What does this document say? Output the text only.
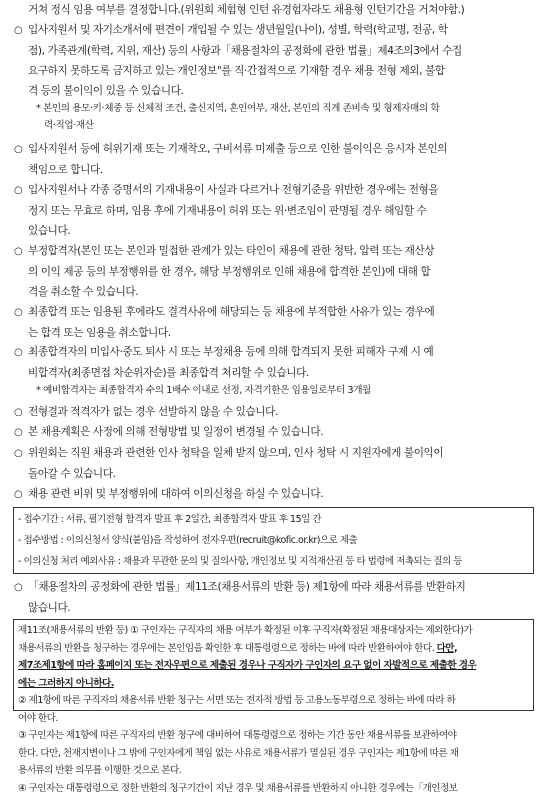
거쳐 정식 임용 여부를 결정합니다.(위원회 체험형 인턴 유경험자라도 채용형 인턴기간을 거쳐야함.)
○ 입사지원서 및 자기소개서에 편견이 개입될 수 있는 생년월일(나이), 성별, 학력(학교명, 전공, 학
점), 가족관계(학력, 지위, 재산) 등의 사항과「채용절차의 공정화에 관한 법률」제4조의3에서 수집
요구하지 못하도록 금지하고 있는 개인정보"를 직·간접적으로 기재할 경우 채용 전형 제외, 불합
격 등의 불이익이 있을 수 있습니다.
* 본인의 용모·키·체중 등 신체적 조건, 출신지역, 혼인여부, 재산, 본인의 직계 존비속 및 형제자매의 학
력·직업·재산
○ 입사지원서 등에 허위기재 또는 기재착오, 구비서류 미제출 등으로 인한 불이익은 응시자 본인의
책임으로 합니다.
○ 입사지원서나 각종 증명서의 기재내용이 사실과 다르거나 전형기준을 위반한 경우에는 전형을
정지 또는 무효로 하며, 임용 후에 기재내용이 허위 또는 위·변조임이 판명될 경우 해임할 수
있습니다.
○ 부정합격자(본인 또는 본인과 밀접한 관계가 있는 타인이 채용에 관한 청탁, 압력 또는 재산상
의 이익 제공 등의 부정행위를 한 경우, 해당 부정행위로 인해 채용에 합격한 본인)에 대해 합
격을 취소할 수 있습니다.
○ 최종합격 또는 임용된 후에라도 결격사유에 해당되는 등 채용에 부적합한 사유가 있는 경우에
는 합격 또는 임용을 취소합니다.
○ 최종합격자의 미입사·중도 퇴사 시 또는 부정채용 등에 의해 합격되지 못한 피해자 구제 시 예
비합격자(최종면접 차순위자순)를 최종합격 처리할 수 있습니다.
* 예비합격자는 최종합격자 수의 1배수 이내로 선정, 자격기한은 임용일로부터 3개월
○ 전형결과 적격자가 없는 경우 선발하지 않을 수 있습니다.
○ 본 채용계획은 사정에 의해 전형방법 및 일정이 변경될 수 있습니다.
○ 위원회는 직원 채용과 관련한 인사 청탁을 일체 받지 않으며, 인사 청탁 시 지원자에게 불이익이
돌아갈 수 있습니다.
○ 채용 관련 비위 및 부정행위에 대하여 이의신청을 하실 수 있습니다.
- 접수기간 : 서류, 필기전형 합격자 발표 후 2일간, 최종합격자 발표 후 15일 간
- 접수방법 : 이의신청서 양식(붙임)을 작성하여 전자우편(recruit@kofic.or.kr)으로 제출
- 이의신청 처리 예외사유 : 채용과 무관한 문의 및 질의사항, 개인정보 및 지적재산권 등 타 법령에 저촉되는 질의 등
○ 「채용절차의 공정화에 관한 법률」제11조(채용서류의 반환 등) 제1항에 따라 채용서류를 반환하지
않습니다.
제11조(채용서류의 반환 등) ① 구인자는 구직자의 채용 여부가 확정된 이후 구직자(확정된 채용대상자는 제외한다)가
채용서류의 반환을 청구하는 경우에는 본인임을 확인한 후 대통령령으로 정하는 바에 따라 반환하여야 한다. 다만,
제7조제1항에 따라 홈페이지 또는 전자우편으로 제출된 경우나 구직자가 구인자의 요구 없이 자발적으로 제출한 경우
에는 그러하지 아니하다.
② 제1항에 따른 구직자의 채용서류 반환 청구는 서면 또는 전자적 방법 등 고용노동부령으로 정하는 바에 따라 하
여야 한다.
③ 구인자는 제1항에 따른 구직자의 반환 청구에 대비하여 대통령령으로 정하는 기간 동안 채용서류를 보관하여야
한다. 다만, 천재지변이나 그 밖에 구인자에게 책임 없는 사유로 채용서류가 멸실된 경우 구인자는 제1항에 따른 채
용서류의 반환 의무를 이행한 것으로 본다.
④ 구인자는 대통령령으로 정한 반환의 청구기간이 지난 경우 및 채용서류를 반환하지 아니한 경우에는「개인정보
